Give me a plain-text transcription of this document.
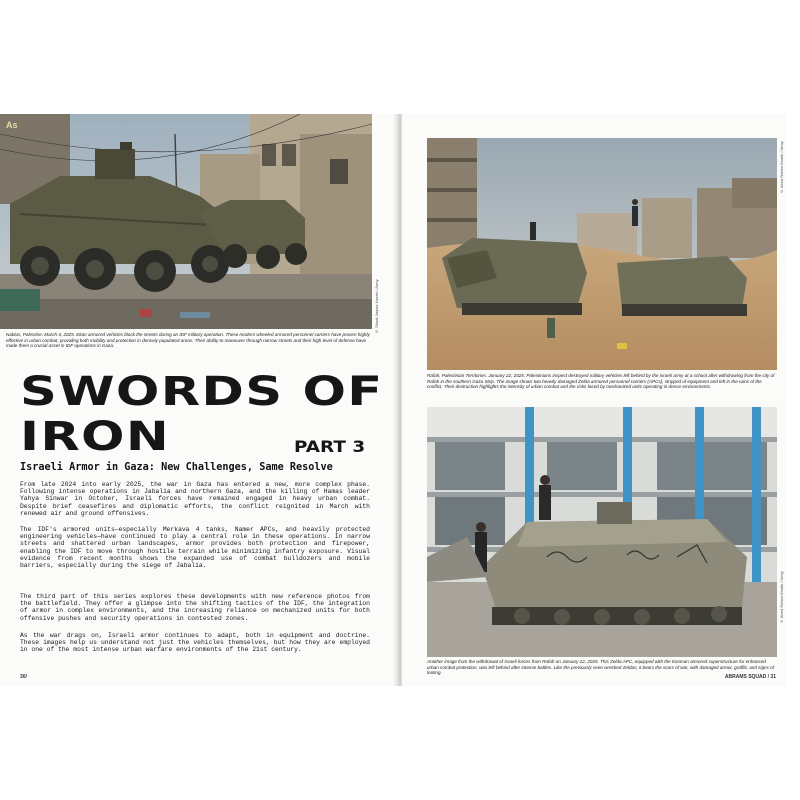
As
© Shadi Jarjour Hazmi / Army
Nablus, Palestine. March 4, 2025. Eitan armored vehicles block the streets during an IDF military operation. These modern wheeled armored personnel carriers have proven highly effective in urban combat, providing both mobility and protection in densely populated areas. Their ability to maneuver through narrow streets and their high level of defense have made them a crucial asset in IDF operations in Gaza.
SWORDS OF
IRON	PART 3
Israeli Armor in Gaza: New Challenges, Same Resolve
From late 2024 into early 2025, the war in Gaza has entered a new, more complex phase. Following intense operations in Jabalia and northern Gaza, and the killing of Hamas leader Yahya Sinwar in October, Israeli forces have remained engaged in heavy urban combat. Despite brief ceasefires and diplomatic efforts, the conflict reignited in March with renewed air and ground offensives.
The IDF's armored units—especially Merkava 4 tanks, Namer APCs, and heavily protected engineering vehicles—have continued to play a central role in these operations. In narrow streets and shattered urban landscapes, armor provides both protection and firepower, enabling the IDF to move through hostile terrain while minimizing infantry exposure. Visual evidence from recent months shows the expanded use of combat bulldozers and mobile barriers, especially during the siege of Jabalia.
The third part of this series explores these developments with new reference photos from the battlefield. They offer a glimpse into the shifting tactics of the IDF, the integration of armor in complex environments, and the increasing reliance on mechanized units for both offensive pushes and security operations in contested zones.
As the war drags on, Israeli armor continues to adapt, both in equipment and doctrine. These images help us understand not just the vehicles themselves, but how they are employed in one of the most intense urban warfare environments of the 21st century.
30/
© Abed Rahim Khatib / Army
Rafah, Palestinian Territories. January 22, 2025. Palestinians inspect destroyed military vehicles left behind by the Israeli army at a school after withdrawing from the city of Rafah in the southern Gaza Strip. The image shows two heavily damaged Zelda armored personnel carriers (APCs), stripped of equipment and left in the ruins of the conflict. Their destruction highlights the intensity of urban combat and the risks faced by mechanized units operating in dense environments.
© Abed Rahim Khatib / Army
Another image from the withdrawal of Israeli forces from Rafah on January 22, 2025. This Zelda APC, equipped with the Kasman armored superstructure for enhanced urban combat protection, was left behind after intense battles. Like the previously seen wrecked Zeldas, it bears the scars of war, with damaged armor, graffiti, and signs of looting.
ABRAMS SQUAD / 31
